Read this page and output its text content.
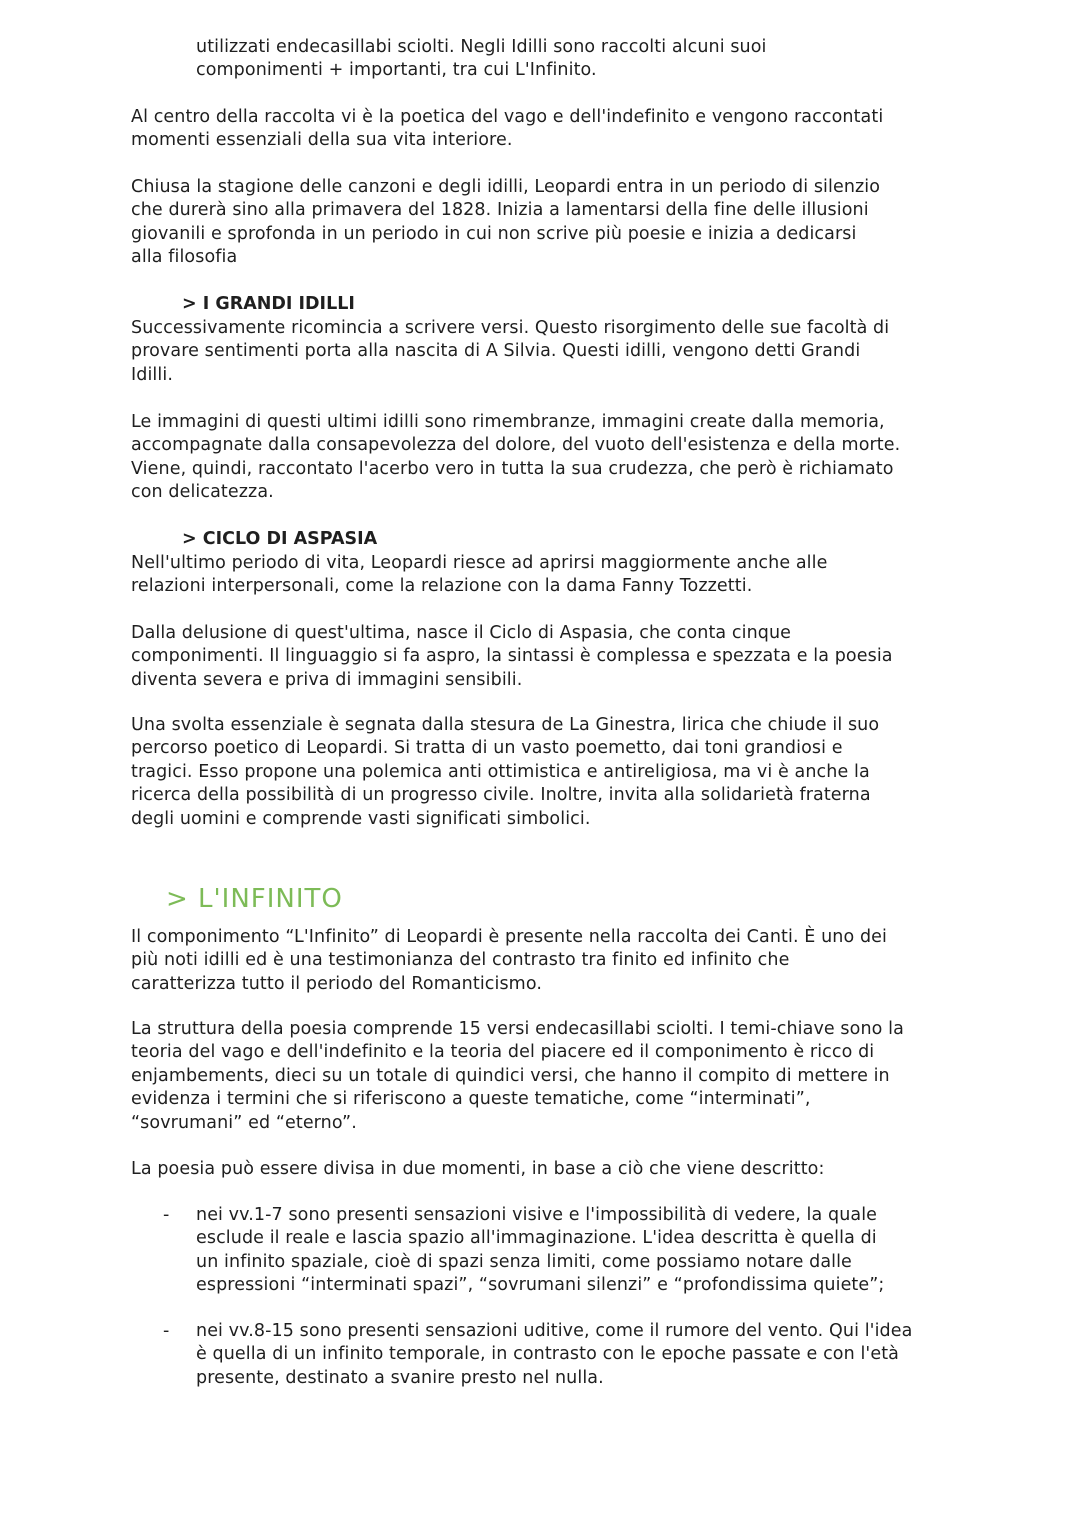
utilizzati endecasillabi sciolti. Negli Idilli sono raccolti alcuni suoi
componimenti + importanti, tra cui L'Infinito.

Al centro della raccolta vi è la poetica del vago e dell'indefinito e vengono raccontati
momenti essenziali della sua vita interiore.

Chiusa la stagione delle canzoni e degli idilli, Leopardi entra in un periodo di silenzio
che durerà sino alla primavera del 1828. Inizia a lamentarsi della fine delle illusioni
giovanili e sprofonda in un periodo in cui non scrive più poesie e inizia a dedicarsi
alla filosofia

> I GRANDI IDILLI

Successivamente ricomincia a scrivere versi. Questo risorgimento delle sue facoltà di
provare sentimenti porta alla nascita di A Silvia. Questi idilli, vengono detti Grandi
Idilli.

Le immagini di questi ultimi idilli sono rimembranze, immagini create dalla memoria,
accompagnate dalla consapevolezza del dolore, del vuoto dell'esistenza e della morte.
Viene, quindi, raccontato l'acerbo vero in tutta la sua crudezza, che però è richiamato
con delicatezza.

> CICLO DI ASPASIA

Nell'ultimo periodo di vita, Leopardi riesce ad aprirsi maggiormente anche alle
relazioni interpersonali, come la relazione con la dama Fanny Tozzetti.

Dalla delusione di quest'ultima, nasce il Ciclo di Aspasia, che conta cinque
componimenti. Il linguaggio si fa aspro, la sintassi è complessa e spezzata e la poesia
diventa severa e priva di immagini sensibili.

Una svolta essenziale è segnata dalla stesura de La Ginestra, lirica che chiude il suo
percorso poetico di Leopardi. Si tratta di un vasto poemetto, dai toni grandiosi e
tragici. Esso propone una polemica anti ottimistica e antireligiosa, ma vi è anche la
ricerca della possibilità di un progresso civile. Inoltre, invita alla solidarietà fraterna
degli uomini e comprende vasti significati simbolici.

> L'INFINITO

Il componimento “L'Infinito” di Leopardi è presente nella raccolta dei Canti. È uno dei
più noti idilli ed è una testimonianza del contrasto tra finito ed infinito che
caratterizza tutto il periodo del Romanticismo.

La struttura della poesia comprende 15 versi endecasillabi sciolti. I temi-chiave sono la
teoria del vago e dell'indefinito e la teoria del piacere ed il componimento è ricco di
enjambements, dieci su un totale di quindici versi, che hanno il compito di mettere in
evidenza i termini che si riferiscono a queste tematiche, come “interminati”,
“sovrumani” ed “eterno”.

La poesia può essere divisa in due momenti, in base a ciò che viene descritto:

- nei vv.1-7 sono presenti sensazioni visive e l'impossibilità di vedere, la quale
esclude il reale e lascia spazio all'immaginazione. L'idea descritta è quella di
un infinito spaziale, cioè di spazi senza limiti, come possiamo notare dalle
espressioni “interminati spazi”, “sovrumani silenzi” e “profondissima quiete”;

- nei vv.8-15 sono presenti sensazioni uditive, come il rumore del vento. Qui l'idea
è quella di un infinito temporale, in contrasto con le epoche passate e con l'età
presente, destinato a svanire presto nel nulla.
